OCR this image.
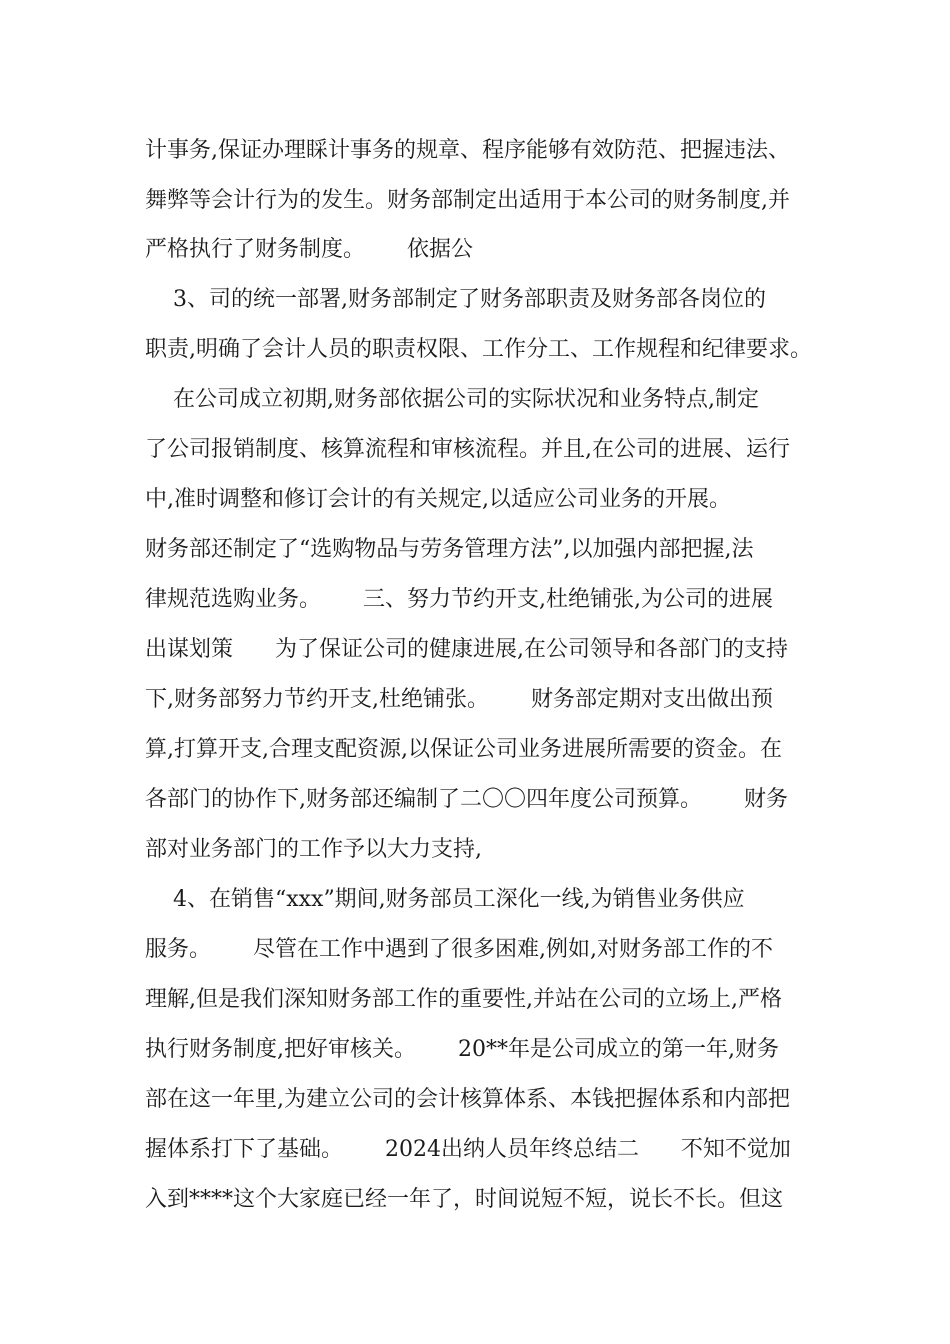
计事务,保证办理睬计事务的规章、程序能够有效防范、把握违法、
舞弊等会计行为的发生。财务部制定出适用于本公司的财务制度,并
严格执行了财务制度。      依据公
3、司的统一部署,财务部制定了财务部职责及财务部各岗位的
职责,明确了会计人员的职责权限、工作分工、工作规程和纪律要求。
在公司成立初期,财务部依据公司的实际状况和业务特点,制定
了公司报销制度、核算流程和审核流程。并且,在公司的进展、运行
中,准时调整和修订会计的有关规定,以适应公司业务的开展。
财务部还制定了“选购物品与劳务管理方法”,以加强内部把握,法
律规范选购业务。      三、努力节约开支,杜绝铺张,为公司的进展
出谋划策      为了保证公司的健康进展,在公司领导和各部门的支持
下,财务部努力节约开支,杜绝铺张。      财务部定期对支出做出预
算,打算开支,合理支配资源,以保证公司业务进展所需要的资金。在
各部门的协作下,财务部还编制了二〇〇四年度公司预算。      财务
部对业务部门的工作予以大力支持,
4、在销售“xxx”期间,财务部员工深化一线,为销售业务供应
服务。      尽管在工作中遇到了很多困难,例如,对财务部工作的不
理解,但是我们深知财务部工作的重要性,并站在公司的立场上,严格
执行财务制度,把好审核关。      20**年是公司成立的第一年,财务
部在这一年里,为建立公司的会计核算体系、本钱把握体系和内部把
握体系打下了基础。      2024出纳人员年终总结二      不知不觉加
入到****这个大家庭已经一年了，时间说短不短，说长不长。但这
